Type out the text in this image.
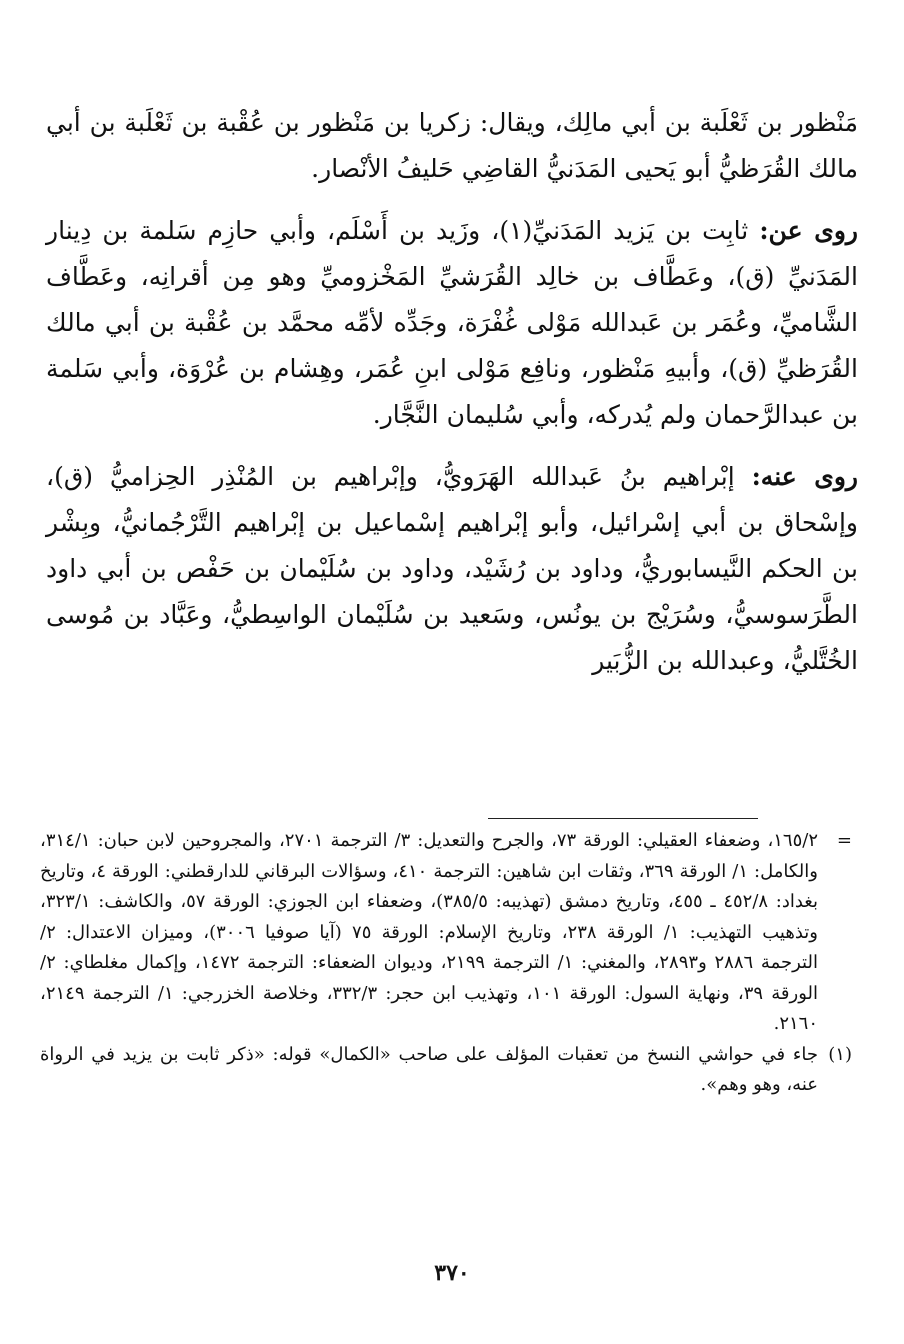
مَنْظور بن ثَعْلَبة بن أبي مالِك، ويقال: زكريا بن مَنْظور بن عُقْبة بن ثَعْلَبة بن أبي مالك القُرَظيُّ أبو يَحيى المَدَنيُّ القاضِي حَليفُ الأنْصار.

روى عن: ثابِت بن يَزيد المَدَنيِّ(١)، وزَيد بن أَسْلَم، وأبي حازِم سَلمة بن دِينار المَدَنيِّ (ق)، وعَطَّاف بن خالِد القُرَشيِّ المَخْزوميِّ وهو مِن أقرانِه، وعَطَّاف الشَّاميِّ، وعُمَر بن عَبدالله مَوْلى غُفْرَة، وجَدِّه لأمِّه محمَّد بن عُقْبة بن أبي مالك القُرَظيِّ (ق)، وأبيهِ مَنْظور، ونافِع مَوْلى ابنِ عُمَر، وهِشام بن عُرْوَة، وأبي سَلمة بن عبدالرَّحمان ولم يُدركه، وأبي سُليمان النَّجَّار.

روى عنه: إبْراهيم بنُ عَبدالله الهَرَويُّ، وإبْراهيم بن المُنْذِر الحِزاميُّ (ق)، وإسْحاق بن أبي إسْرائيل، وأبو إبْراهيم إسْماعيل بن إبْراهيم التَّرْجُمانيُّ، وبِشْر بن الحكم النَّيسابوريُّ، وداود بن رُشَيْد، وداود بن سُلَيْمان بن حَفْص بن أبي داود الطَّرَسوسيُّ، وسُرَيْج بن يونُس، وسَعيد بن سُلَيْمان الواسِطيُّ، وعَبَّاد بن مُوسى الخُتَّليُّ، وعبدالله بن الزُّبَير

=
١٦٥/٢، وضعفاء العقيلي: الورقة ٧٣، والجرح والتعديل: ٣/ الترجمة ٢٧٠١، والمجروحين لابن حبان: ٣١٤/١، والكامل: ١/ الورقة ٣٦٩، وثقات ابن شاهين: الترجمة ٤١٠، وسؤالات البرقاني للدارقطني: الورقة ٤، وتاريخ بغداد: ٤٥٢/٨ ـ ٤٥٥، وتاريخ دمشق (تهذيبه: ٣٨٥/٥)، وضعفاء ابن الجوزي: الورقة ٥٧، والكاشف: ٣٢٣/١، وتذهيب التهذيب: ١/ الورقة ٢٣٨، وتاريخ الإسلام: الورقة ٧٥ (آيا صوفيا ٣٠٠٦)، وميزان الاعتدال: ٢/ الترجمة ٢٨٨٦ و٢٨٩٣، والمغني: ١/ الترجمة ٢١٩٩، وديوان الضعفاء: الترجمة ١٤٧٢، وإكمال مغلطاي: ٢/ الورقة ٣٩، ونهاية السول: الورقة ١٠١، وتهذيب ابن حجر: ٣٣٢/٣، وخلاصة الخزرجي: ١/ الترجمة ٢١٤٩، ٢١٦٠.
(١)
جاء في حواشي النسخ من تعقبات المؤلف على صاحب «الكمال» قوله: «ذكر ثابت بن يزيد في الرواة عنه، وهو وهم».
٣٧٠
